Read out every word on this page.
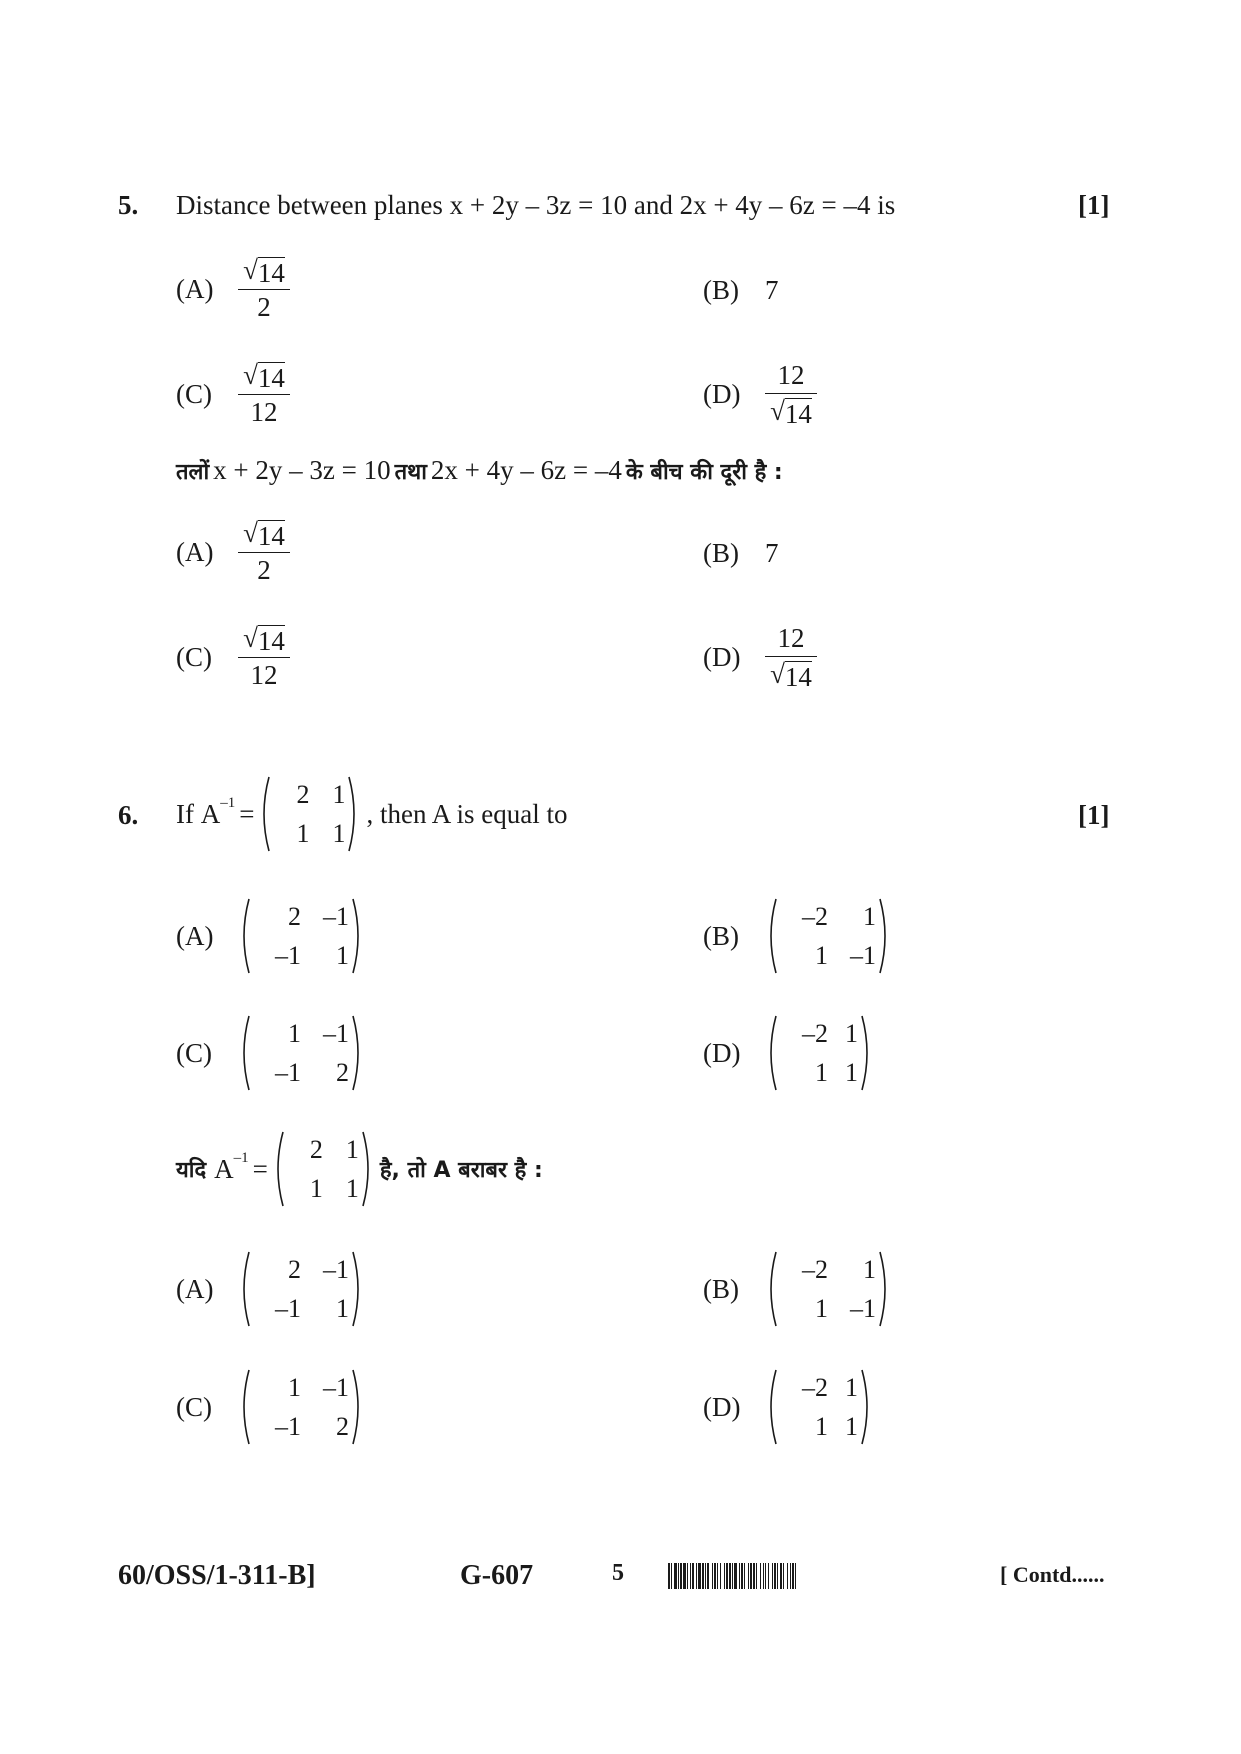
5. Distance between planes x + 2y – 3z = 10 and 2x + 4y – 6z = –4 is	[1]
$(A) \frac{√ 14}{2}$	(B) 7
$(C) \frac{√ 14}{12}$	$(D) \frac{12}{√ 14}$
तलों x + 2y – 3z = 10 तथा 2x + 4y – 6z = –4 के बीच की दूरी है :
$(A) \frac{√ 14}{2}$	(B) 7
$(C) \frac{√ 14}{12}$	$(D) \frac{12}{√ 14}$
6. If
$A^{-1}$ =
2 1
1 1
, then A is equal to	[1]
(A)
2 –1
–1 1
(B)
–2 1
1 –1
(C)
1 –1
–1 2
(D)
–2 1
1 1
यदि
A –1 =
2 1
1 1
है, तो A बराबर है :
(A)
2 –1
–1 1
(B)
–2 1
1 –1
(C)
1 –1
–1 2
(D)
–2 1
1 1
60/OSS/1-311-B]	G-607	5	[ Contd......
